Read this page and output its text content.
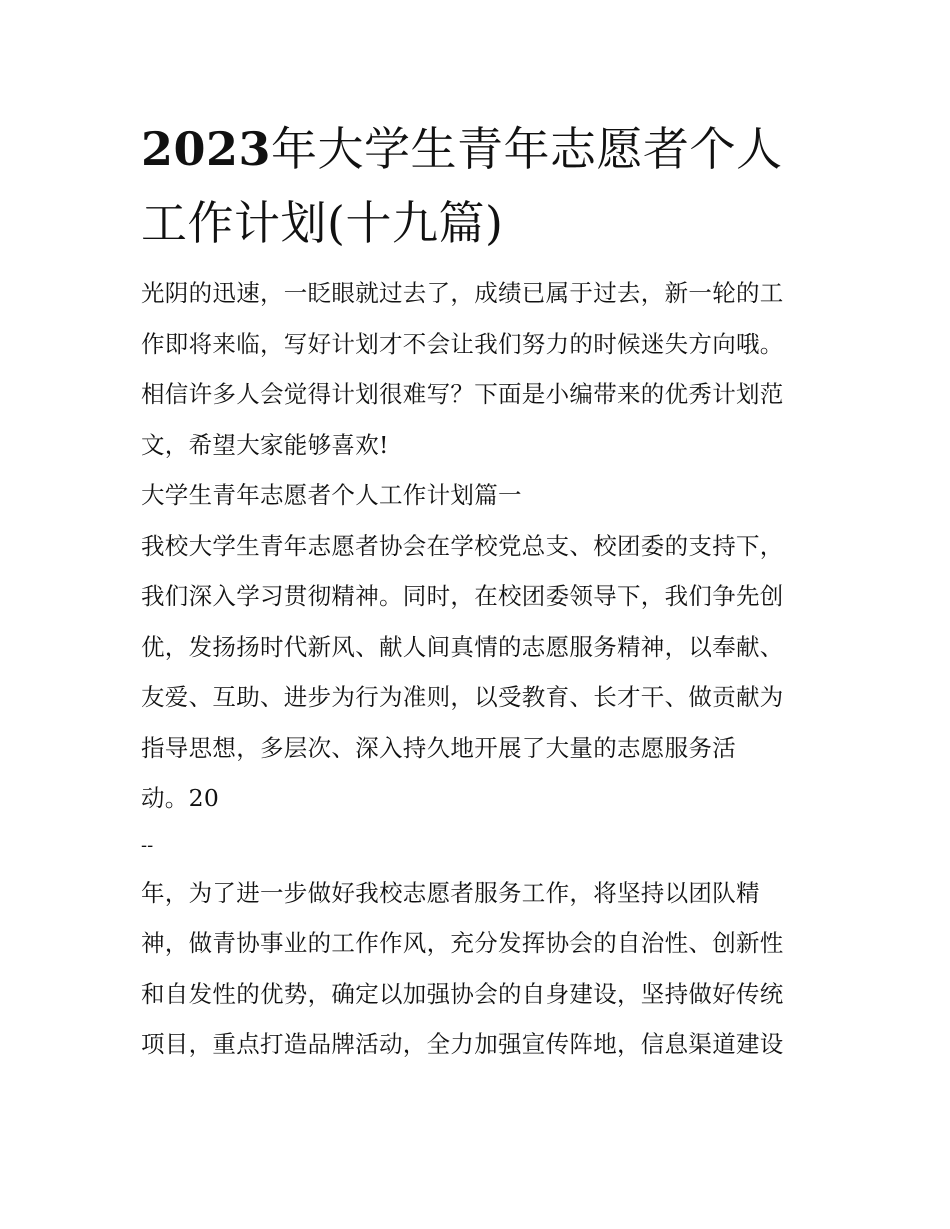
2023年大学生青年志愿者个人
工作计划(十九篇)
光阴的迅速，一眨眼就过去了，成绩已属于过去，新一轮的工
作即将来临，写好计划才不会让我们努力的时候迷失方向哦。
相信许多人会觉得计划很难写？下面是小编带来的优秀计划范
文，希望大家能够喜欢!
大学生青年志愿者个人工作计划篇一
我校大学生青年志愿者协会在学校党总支、校团委的支持下，
我们深入学习贯彻精神。同时，在校团委领导下，我们争先创
优，发扬扬时代新风、献人间真情的志愿服务精神，以奉献、
友爱、互助、进步为行为准则，以受教育、长才干、做贡献为
指导思想，多层次、深入持久地开展了大量的志愿服务活
动。20
--
年，为了进一步做好我校志愿者服务工作，将坚持以团队精
神，做青协事业的工作作风，充分发挥协会的自治性、创新性
和自发性的优势，确定以加强协会的自身建设，坚持做好传统
项目，重点打造品牌活动，全力加强宣传阵地，信息渠道建设
